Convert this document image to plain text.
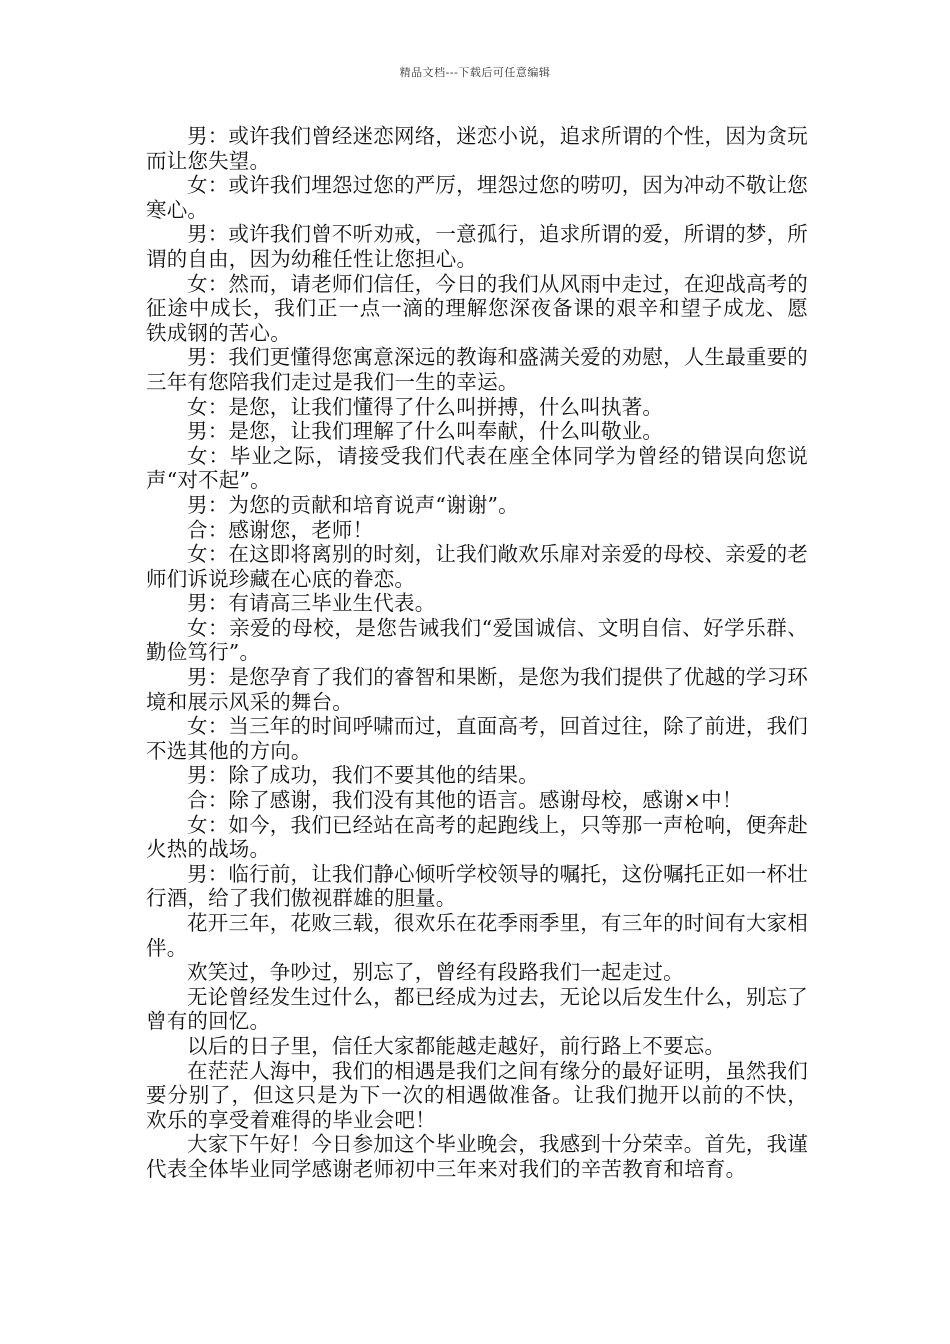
精品文档---下载后可任意编辑

男：或许我们曾经迷恋网络，迷恋小说，追求所谓的个性，因为贪玩而让您失望。

女：或许我们埋怨过您的严厉，埋怨过您的唠叨，因为冲动不敬让您寒心。

男：或许我们曾不听劝戒，一意孤行，追求所谓的爱，所谓的梦，所谓的自由，因为幼稚任性让您担心。

女：然而，请老师们信任，今日的我们从风雨中走过，在迎战高考的征途中成长，我们正一点一滴的理解您深夜备课的艰辛和望子成龙、愿铁成钢的苦心。

男：我们更懂得您寓意深远的教诲和盛满关爱的劝慰，人生最重要的三年有您陪我们走过是我们一生的幸运。

女：是您，让我们懂得了什么叫拼搏，什么叫执著。

男：是您，让我们理解了什么叫奉献，什么叫敬业。

女：毕业之际，请接受我们代表在座全体同学为曾经的错误向您说声“对不起”。

男：为您的贡献和培育说声“谢谢”。

合：感谢您，老师！

女：在这即将离别的时刻，让我们敞欢乐扉对亲爱的母校、亲爱的老师们诉说珍藏在心底的眷恋。

男：有请高三毕业生代表。

女：亲爱的母校，是您告诫我们“爱国诚信、文明自信、好学乐群、勤俭笃行”。

男：是您孕育了我们的睿智和果断，是您为我们提供了优越的学习环境和展示风采的舞台。

女：当三年的时间呼啸而过，直面高考，回首过往，除了前进，我们不选其他的方向。

男：除了成功，我们不要其他的结果。

合：除了感谢，我们没有其他的语言。感谢母校，感谢×中！

女：如今，我们已经站在高考的起跑线上，只等那一声枪响，便奔赴火热的战场。

男：临行前，让我们静心倾听学校领导的嘱托，这份嘱托正如一杯壮行酒，给了我们傲视群雄的胆量。

花开三年，花败三载，很欢乐在花季雨季里，有三年的时间有大家相伴。

欢笑过，争吵过，别忘了，曾经有段路我们一起走过。

无论曾经发生过什么，都已经成为过去，无论以后发生什么，别忘了曾有的回忆。

以后的日子里，信任大家都能越走越好，前行路上不要忘。

在茫茫人海中，我们的相遇是我们之间有缘分的最好证明，虽然我们要分别了，但这只是为下一次的相遇做准备。让我们抛开以前的不快，欢乐的享受着难得的毕业会吧！

大家下午好！今日参加这个毕业晚会，我感到十分荣幸。首先，我谨代表全体毕业同学感谢老师初中三年来对我们的辛苦教育和培育。
